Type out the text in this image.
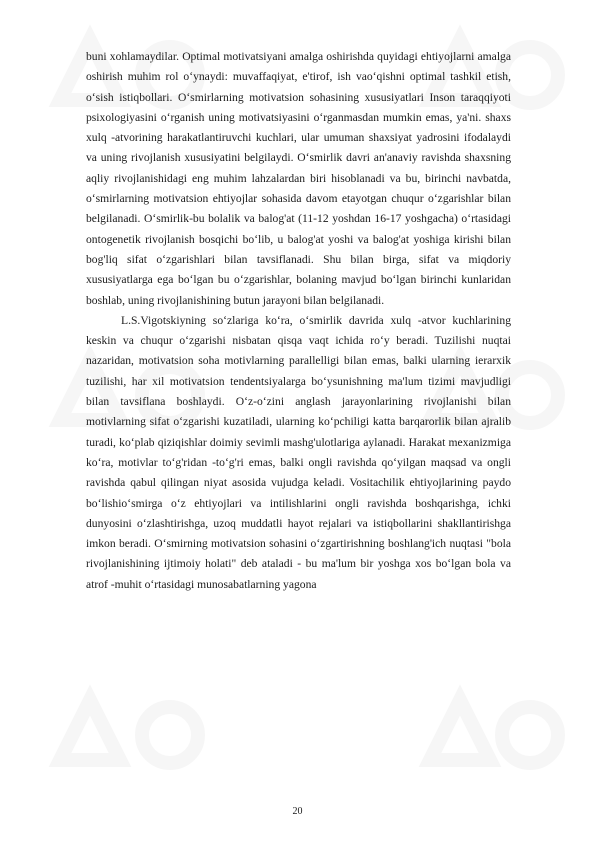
buni xohlamaydilar. Optimal motivatsiyani amalga oshirishda quyidagi ehtiyojlarni amalga oshirish muhim rol o‘ynaydi: muvaffaqiyat, e'tirof, ish vao‘qishni optimal tashkil etish, o‘sish istiqbollari. O‘smirlarning motivatsion sohasining xususiyatlari Inson taraqqiyoti psixologiyasini o‘rganish uning motivatsiyasini o‘rganmasdan mumkin emas, ya'ni. shaxs xulq -atvorining harakatlantiruvchi kuchlari, ular umuman shaxsiyat yadrosini ifodalaydi va uning rivojlanish xususiyatini belgilaydi. O‘smirlik davri an'anaviy ravishda shaxsning aqliy rivojlanishidagi eng muhim lahzalardan biri hisoblanadi va bu, birinchi navbatda, o‘smirlarning motivatsion ehtiyojlar sohasida davom etayotgan chuqur o‘zgarishlar bilan belgilanadi. O‘smirlik-bu bolalik va balog'at (11-12 yoshdan 16-17 yoshgacha) o‘rtasidagi ontogenetik rivojlanish bosqichi bo‘lib, u balog'at yoshi va balog'at yoshiga kirishi bilan bog'liq sifat o‘zgarishlari bilan tavsiflanadi. Shu bilan birga, sifat va miqdoriy xususiyatlarga ega bo‘lgan bu o‘zgarishlar, bolaning mavjud bo‘lgan birinchi kunlaridan boshlab, uning rivojlanishining butun jarayoni bilan belgilanadi.

L.S.Vigotskiyning so‘zlariga ko‘ra, o‘smirlik davrida xulq -atvor kuchlarining keskin va chuqur o‘zgarishi nisbatan qisqa vaqt ichida ro‘y beradi. Tuzilishi nuqtai nazaridan, motivatsion soha motivlarning parallelligi bilan emas, balki ularning ierarxik tuzilishi, har xil motivatsion tendentsiyalarga bo‘ysunishning ma'lum tizimi mavjudligi bilan tavsiflana boshlaydi. O‘z-o‘zini anglash jarayonlarining rivojlanishi bilan motivlarning sifat o‘zgarishi kuzatiladi, ularning ko‘pchiligi katta barqarorlik bilan ajralib turadi, ko‘plab qiziqishlar doimiy sevimli mashg'ulotlariga aylanadi. Harakat mexanizmiga ko‘ra, motivlar to‘g'ridan -to‘g'ri emas, balki ongli ravishda qo‘yilgan maqsad va ongli ravishda qabul qilingan niyat asosida vujudga keladi. Vositachilik ehtiyojlarining paydo bo‘lishio‘smirga o‘z ehtiyojlari va intilishlarini ongli ravishda boshqarishga, ichki dunyosini o‘zlashtirishga, uzoq muddatli hayot rejalari va istiqbollarini shakllantirishga imkon beradi. O‘smirning motivatsion sohasini o‘zgartirishning boshlang'ich nuqtasi "bola rivojlanishining ijtimoiy holati" deb ataladi - bu ma'lum bir yoshga xos bo‘lgan bola va atrof -muhit o‘rtasidagi munosabatlarning yagona

20
